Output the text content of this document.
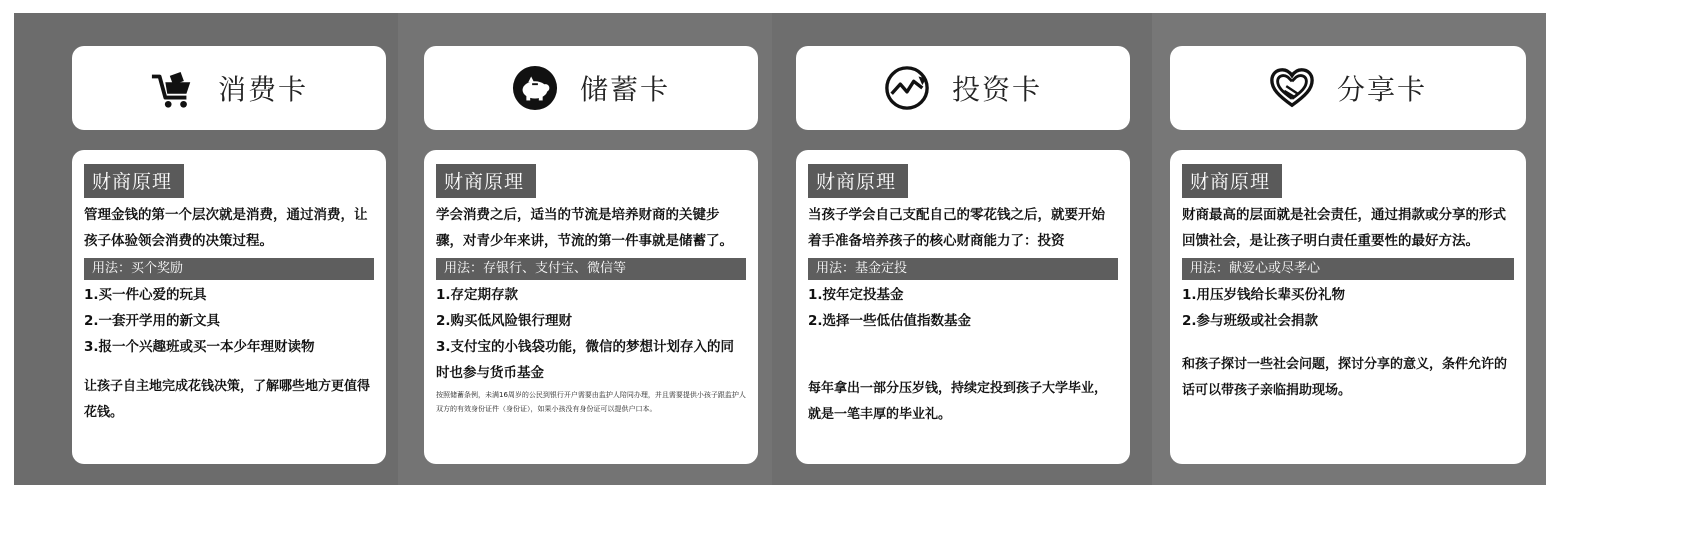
消费卡
财商原理
管理金钱的第一个层次就是消费，通过消费，让孩子体验领会消费的决策过程。
用法：买个奖励
1.买一件心爱的玩具
2.一套开学用的新文具
3.报一个兴趣班或买一本少年理财读物
让孩子自主地完成花钱决策，了解哪些地方更值得花钱。
储蓄卡
财商原理
学会消费之后，适当的节流是培养财商的关键步骤，对青少年来讲，节流的第一件事就是储蓄了。
用法：存银行、支付宝、微信等
1.存定期存款
2.购买低风险银行理财
3.支付宝的小钱袋功能，微信的梦想计划存入的同时也参与货币基金
按照储蓄条例，未满16周岁的公民到银行开户需要由监护人陪同办理，并且需要提供小孩子跟监护人双方的有效身份证件（身份证），如果小孩没有身份证可以提供户口本。
投资卡
财商原理
当孩子学会自己支配自己的零花钱之后，就要开始着手准备培养孩子的核心财商能力了：投资
用法：基金定投
1.按年定投基金
2.选择一些低估值指数基金
每年拿出一部分压岁钱，持续定投到孩子大学毕业，就是一笔丰厚的毕业礼。
分享卡
财商原理
财商最高的层面就是社会责任，通过捐款或分享的形式回馈社会，是让孩子明白责任重要性的最好方法。
用法：献爱心或尽孝心
1.用压岁钱给长辈买份礼物
2.参与班级或社会捐款
和孩子探讨一些社会问题，探讨分享的意义，条件允许的话可以带孩子亲临捐助现场。
